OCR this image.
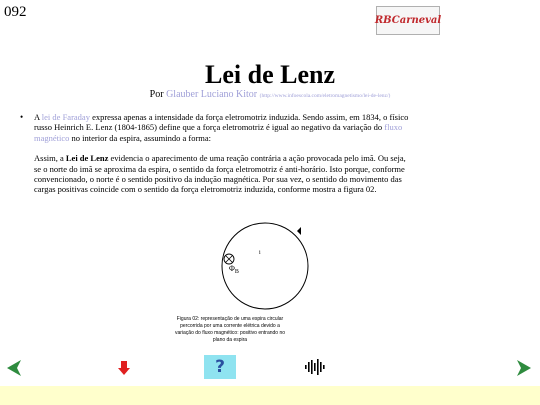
092
RBCarneval
Lei de Lenz
Por Glauber Luciano Kitor (http://www.infoescola.com/eletromagnetismo/lei-de-lenz/)
• A lei de Faraday expressa apenas a intensidade da força eletromotriz induzida. Sendo assim, em 1834, o físico russo Heinrich E. Lenz (1804-1865) define que a força eletromotriz é igual ao negativo da variação do fluxo magnético no interior da espira, assumindo a forma:

Assim, a Lei de Lenz evidencia o aparecimento de uma reação contrária a ação provocada pelo imã. Ou seja, se o norte do imã se aproxima da espira, o sentido da força eletromotriz é anti-horário. Isto porque, conforme convencionado, o norte é o sentido positivo da indução magnética. Por sua vez, o sentido do movimento das cargas positivas coincide com o sentido da força eletromotriz induzida, conforme mostra a figura 02.

$\Phi_B$
i
Figura 02: representação de uma espira circular percorrida por uma corrente elétrica devido a variação do fluxo magnético: positivo entrando no plano da espira
?
